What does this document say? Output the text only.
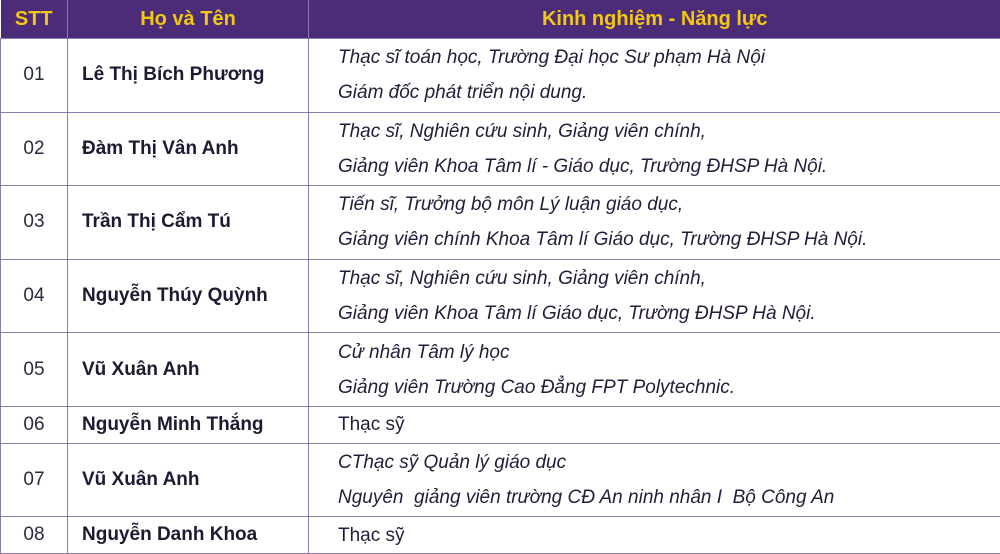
STT	Họ và Tên	Kinh nghiệm - Năng lực
01	Lê Thị Bích Phương	Thạc sĩ toán học, Trường Đại học Sư phạm Hà Nội
Giám đốc phát triển nội dung.

02	Đàm Thị Vân Anh	Thạc sĩ, Nghiên cứu sinh, Giảng viên chính,
Giảng viên Khoa Tâm lí - Giáo dục, Trường ĐHSP Hà Nội.

03	Trần Thị Cẩm Tú	Tiến sĩ, Trưởng bộ môn Lý luận giáo dục,
Giảng viên chính Khoa Tâm lí Giáo dục, Trường ĐHSP Hà Nội.

04	Nguyễn Thúy Quỳnh	Thạc sĩ, Nghiên cứu sinh, Giảng viên chính,
Giảng viên Khoa Tâm lí Giáo dục, Trường ĐHSP Hà Nội.

05	Vũ Xuân Anh	Cử nhân Tâm lý học
Giảng viên Trường Cao Đẳng FPT Polytechnic.

06	Nguyễn Minh Thắng	Thạc sỹ

07	Vũ Xuân Anh	CThạc sỹ Quản lý giáo dục
Nguyên  giảng viên trường CĐ An ninh nhân I  Bộ Công An

08	Nguyễn Danh Khoa	Thạc sỹ
